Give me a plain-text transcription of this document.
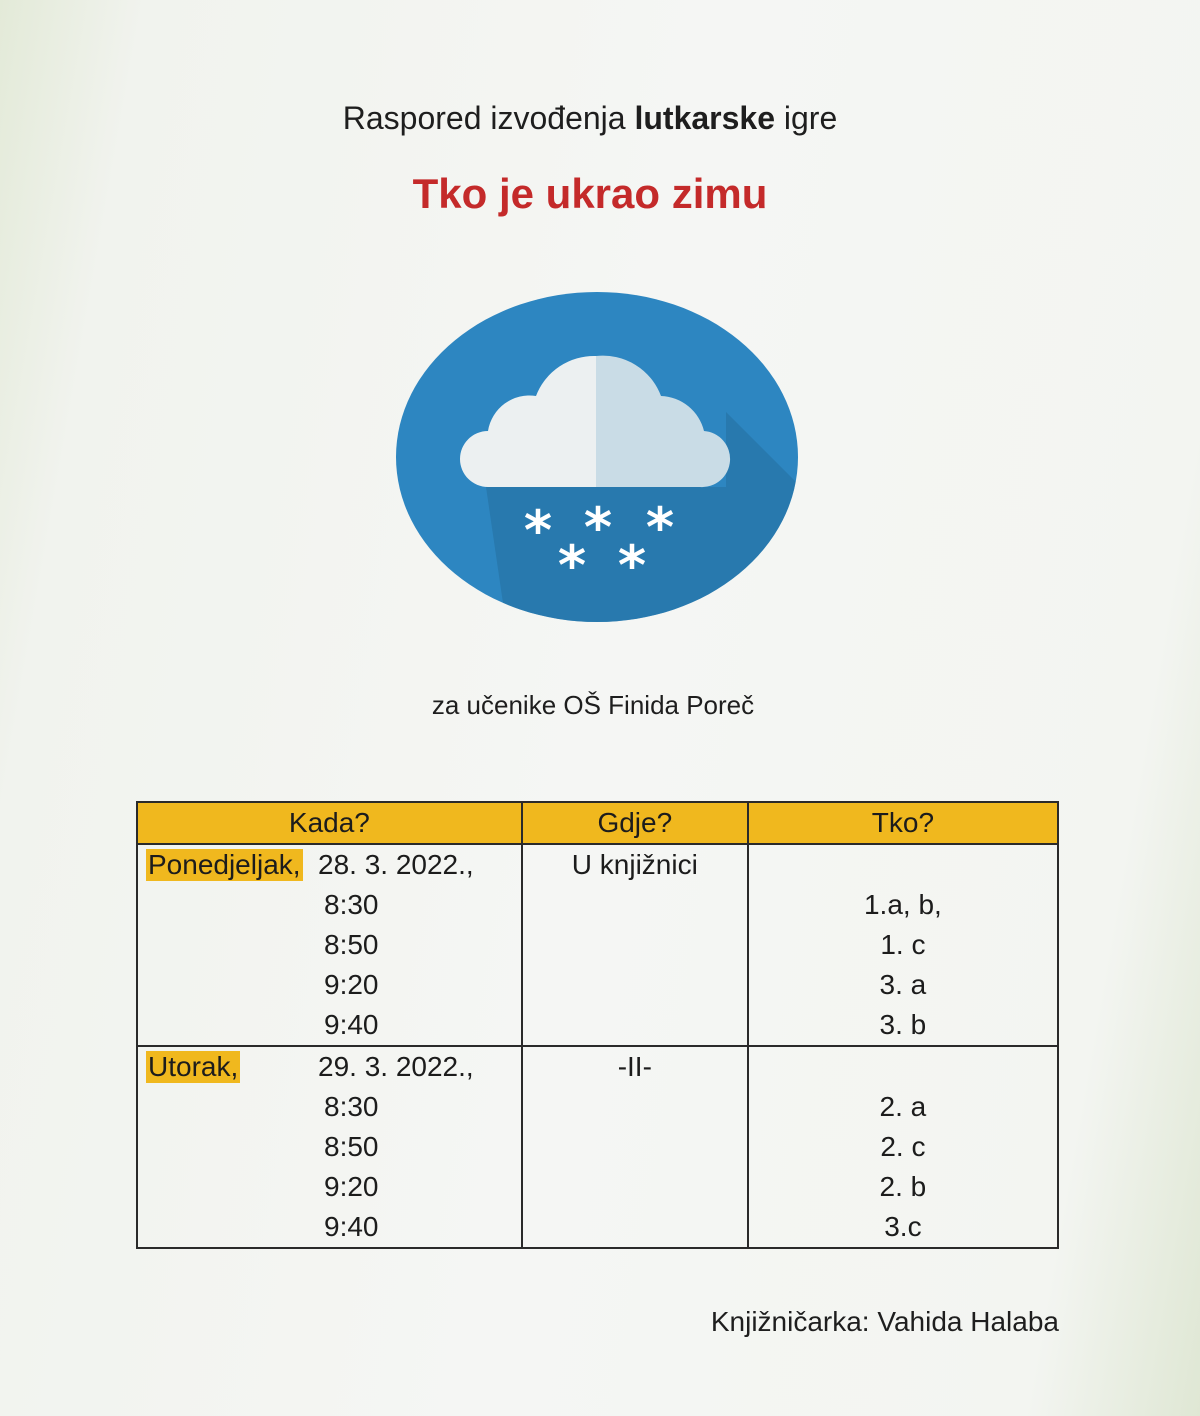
Raspored izvođenja lutkarske igre
Tko je ukrao zimu
* * *
* *
za učenike OŠ Finida Poreč
Kada?	Gdje?	Tko?
Ponedjeljak, 28. 3. 2022.,	U knjižnici	

8:30		1.a, b,

8:50		1. c

9:20		3. a

9:40		3. b
Utorak, 29. 3. 2022.,	-II-	

8:30		2. a

8:50		2. c

9:20		2. b

9:40		3.c
Knjižničarka: Vahida Halaba
